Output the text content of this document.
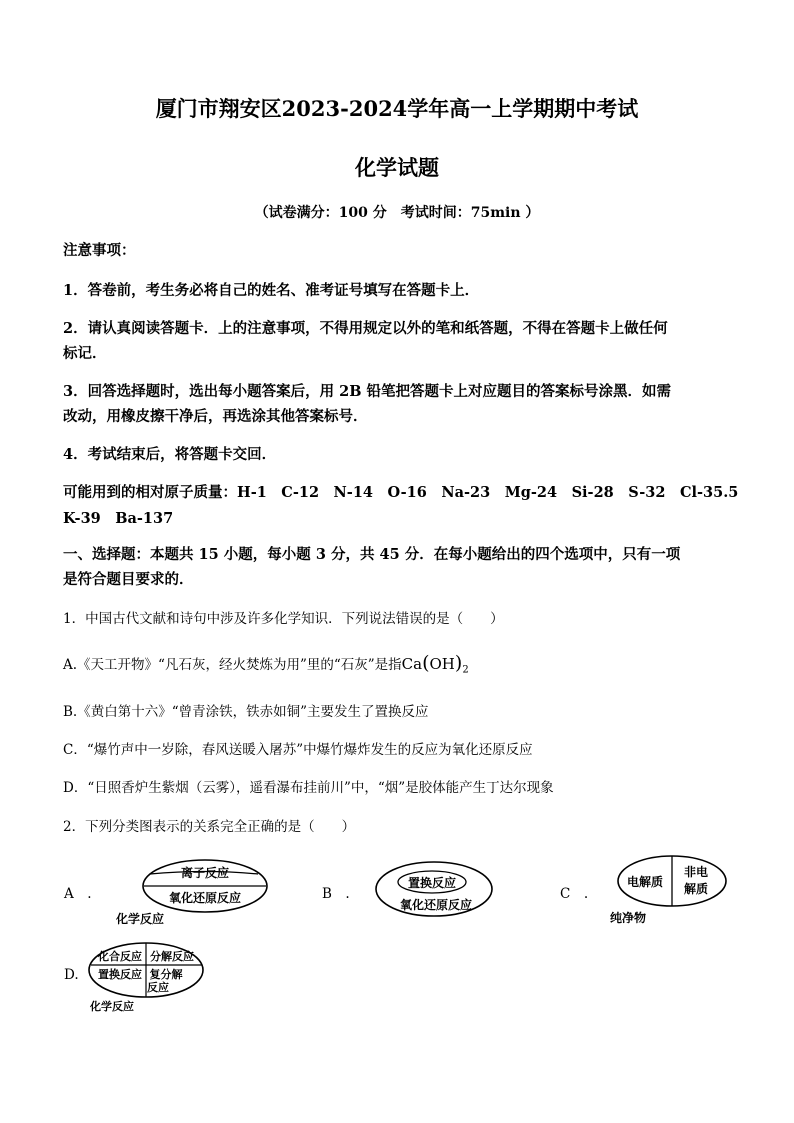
厦门市翔安区2023-2024学年高一上学期期中考试
化学试题
（试卷满分：100 分　考试时间：75min ）
注意事项：
1．答卷前，考生务必将自己的姓名、准考证号填写在答题卡上．
2．请认真阅读答题卡．上的注意事项，不得用规定以外的笔和纸答题，不得在答题卡上做任何
标记．
3．回答选择题时，选出每小题答案后，用 2B 铅笔把答题卡上对应题目的答案标号涂黑．如需
改动，用橡皮擦干净后，再选涂其他答案标号．
4．考试结束后，将答题卡交回．
可能用到的相对原子质量：H-1　C-12　N-14　O-16　Na-23　Mg-24　Si-28　S-32　Cl-35.5
K-39　Ba-137
一、选择题：本题共 15 小题，每小题 3 分，共 45 分．在每小题给出的四个选项中，只有一项
是符合题目要求的．
1．中国古代文献和诗句中涉及许多化学知识．下列说法错误的是（　　）
A.《天工开物》“凡石灰，经火焚炼为用”里的“石灰”是指$Ca(OH)_2$
B.《黄白第十六》“曾青涂铁，铁赤如铜”主要发生了置换反应
C．“爆竹声中一岁除，春风送暖入屠苏”中爆竹爆炸发生的反应为氧化还原反应
D．“日照香炉生紫烟（云雾），遥看瀑布挂前川”中，“烟”是胶体能产生丁达尔现象
2．下列分类图表示的关系完全正确的是（　　）
A　.
离子反应
氧化还原反应
化学反应
B　.
置换反应
氧化还原反应
C　.
电解质
非电
解质
纯净物
D.
化合反应 分解反应
置换反应 复分解
反应
化学反应
